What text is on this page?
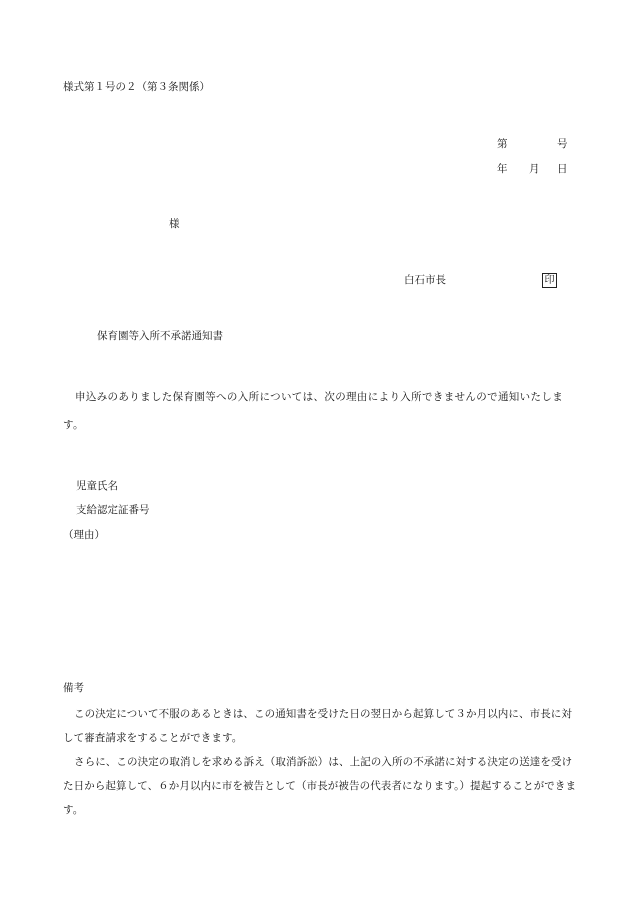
様式第１号の２（第３条関係）
第	号
年 月 日
様
白石市長	印
保育園等入所不承諾通知書
申込みのありました保育園等への入所については、次の理由により入所できませんので通知いたします。
児童氏名
支給認定証番号
（理由）
備考
この決定について不服のあるときは、この通知書を受けた日の翌日から起算して３か月以内に、市長に対して審査請求をすることができます。
さらに、この決定の取消しを求める訴え（取消訴訟）は、上記の入所の不承諾に対する決定の送達を受けた日から起算して、６か月以内に市を被告として（市長が被告の代表者になります。）提起することができます。
